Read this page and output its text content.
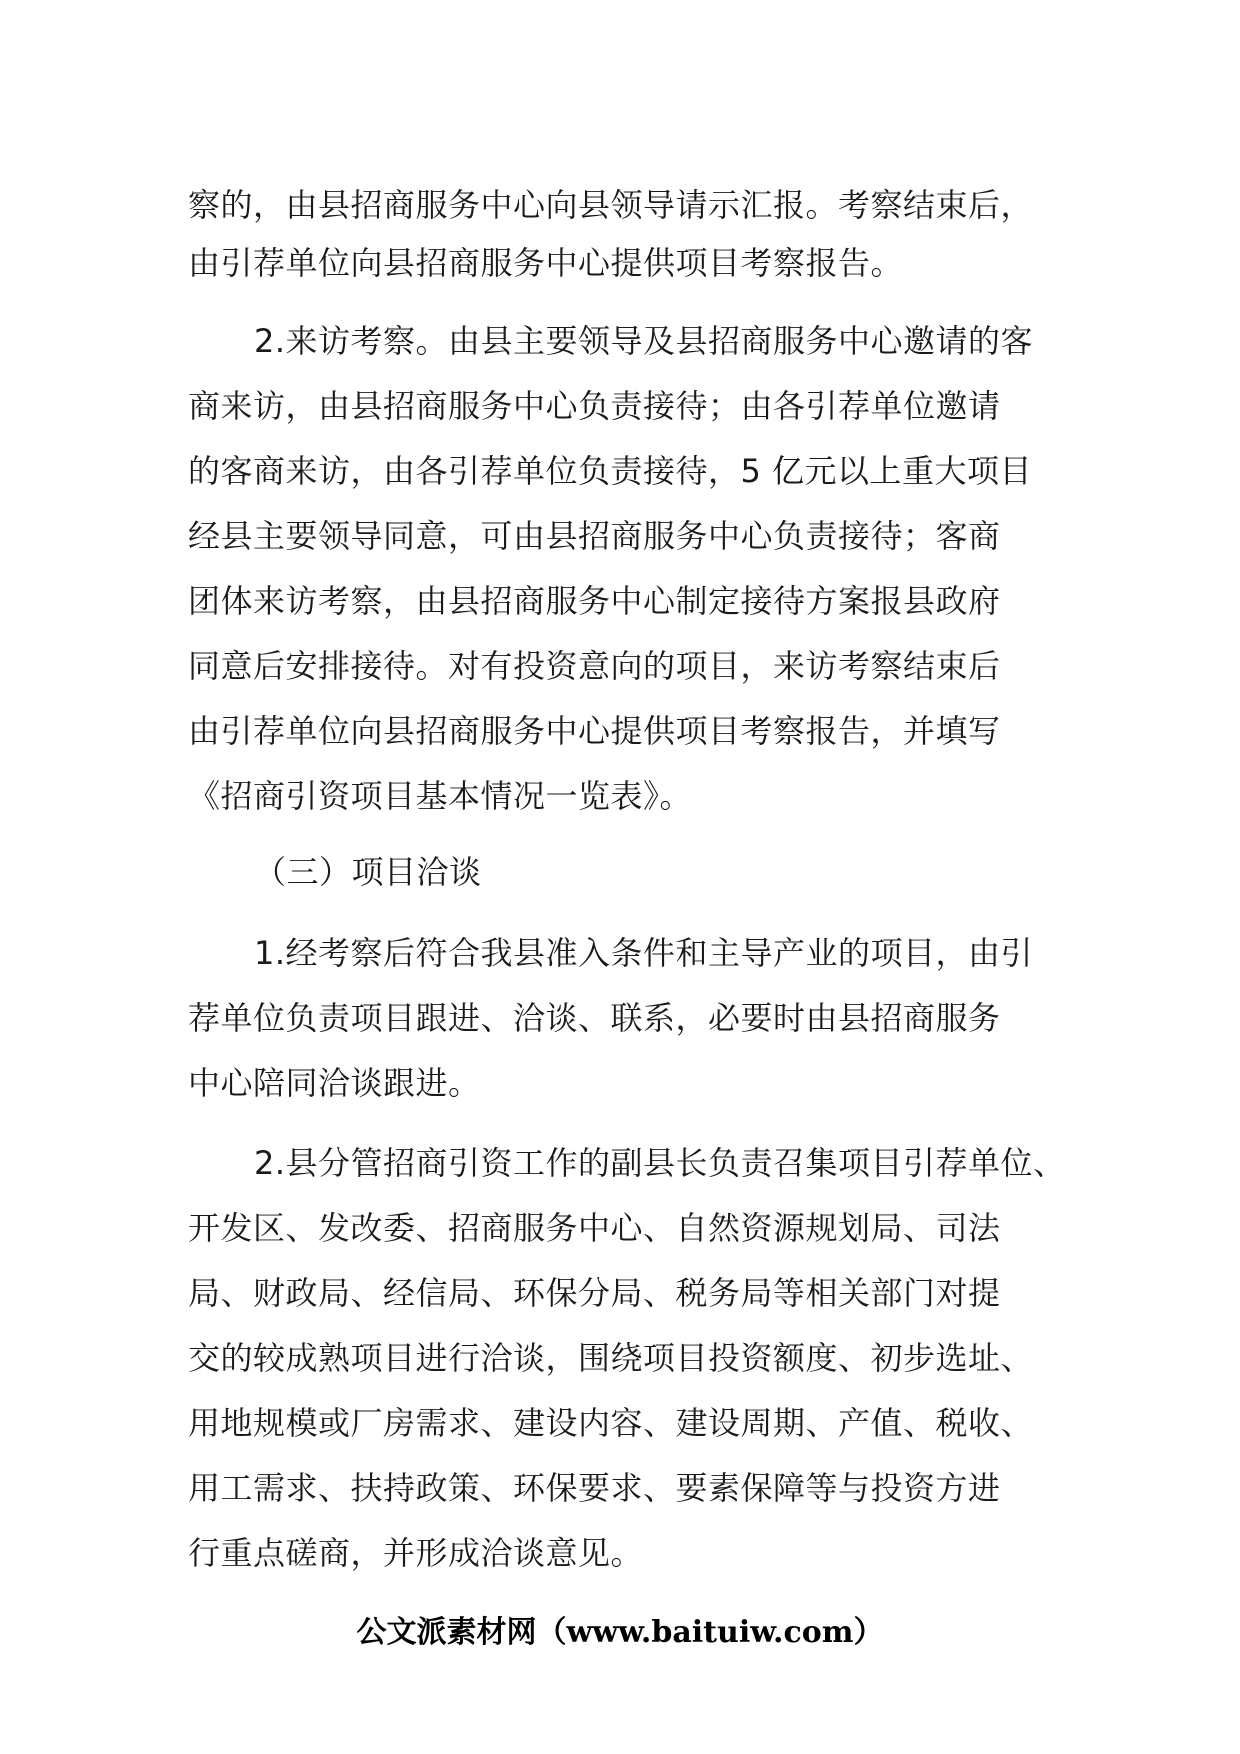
察的，由县招商服务中心向县领导请示汇报。考察结束后，
由引荐单位向县招商服务中心提供项目考察报告。
2.来访考察。由县主要领导及县招商服务中心邀请的客
商来访，由县招商服务中心负责接待；由各引荐单位邀请
的客商来访，由各引荐单位负责接待，5 亿元以上重大项目
经县主要领导同意，可由县招商服务中心负责接待；客商
团体来访考察，由县招商服务中心制定接待方案报县政府
同意后安排接待。对有投资意向的项目，来访考察结束后
由引荐单位向县招商服务中心提供项目考察报告，并填写
《招商引资项目基本情况一览表》。
（三）项目洽谈
1.经考察后符合我县准入条件和主导产业的项目，由引
荐单位负责项目跟进、洽谈、联系，必要时由县招商服务
中心陪同洽谈跟进。
2.县分管招商引资工作的副县长负责召集项目引荐单位、
开发区、发改委、招商服务中心、自然资源规划局、司法
局、财政局、经信局、环保分局、税务局等相关部门对提
交的较成熟项目进行洽谈，围绕项目投资额度、初步选址、
用地规模或厂房需求、建设内容、建设周期、产值、税收、
用工需求、扶持政策、环保要求、要素保障等与投资方进
行重点磋商，并形成洽谈意见。
公文派素材网（www.baituiw.com）
